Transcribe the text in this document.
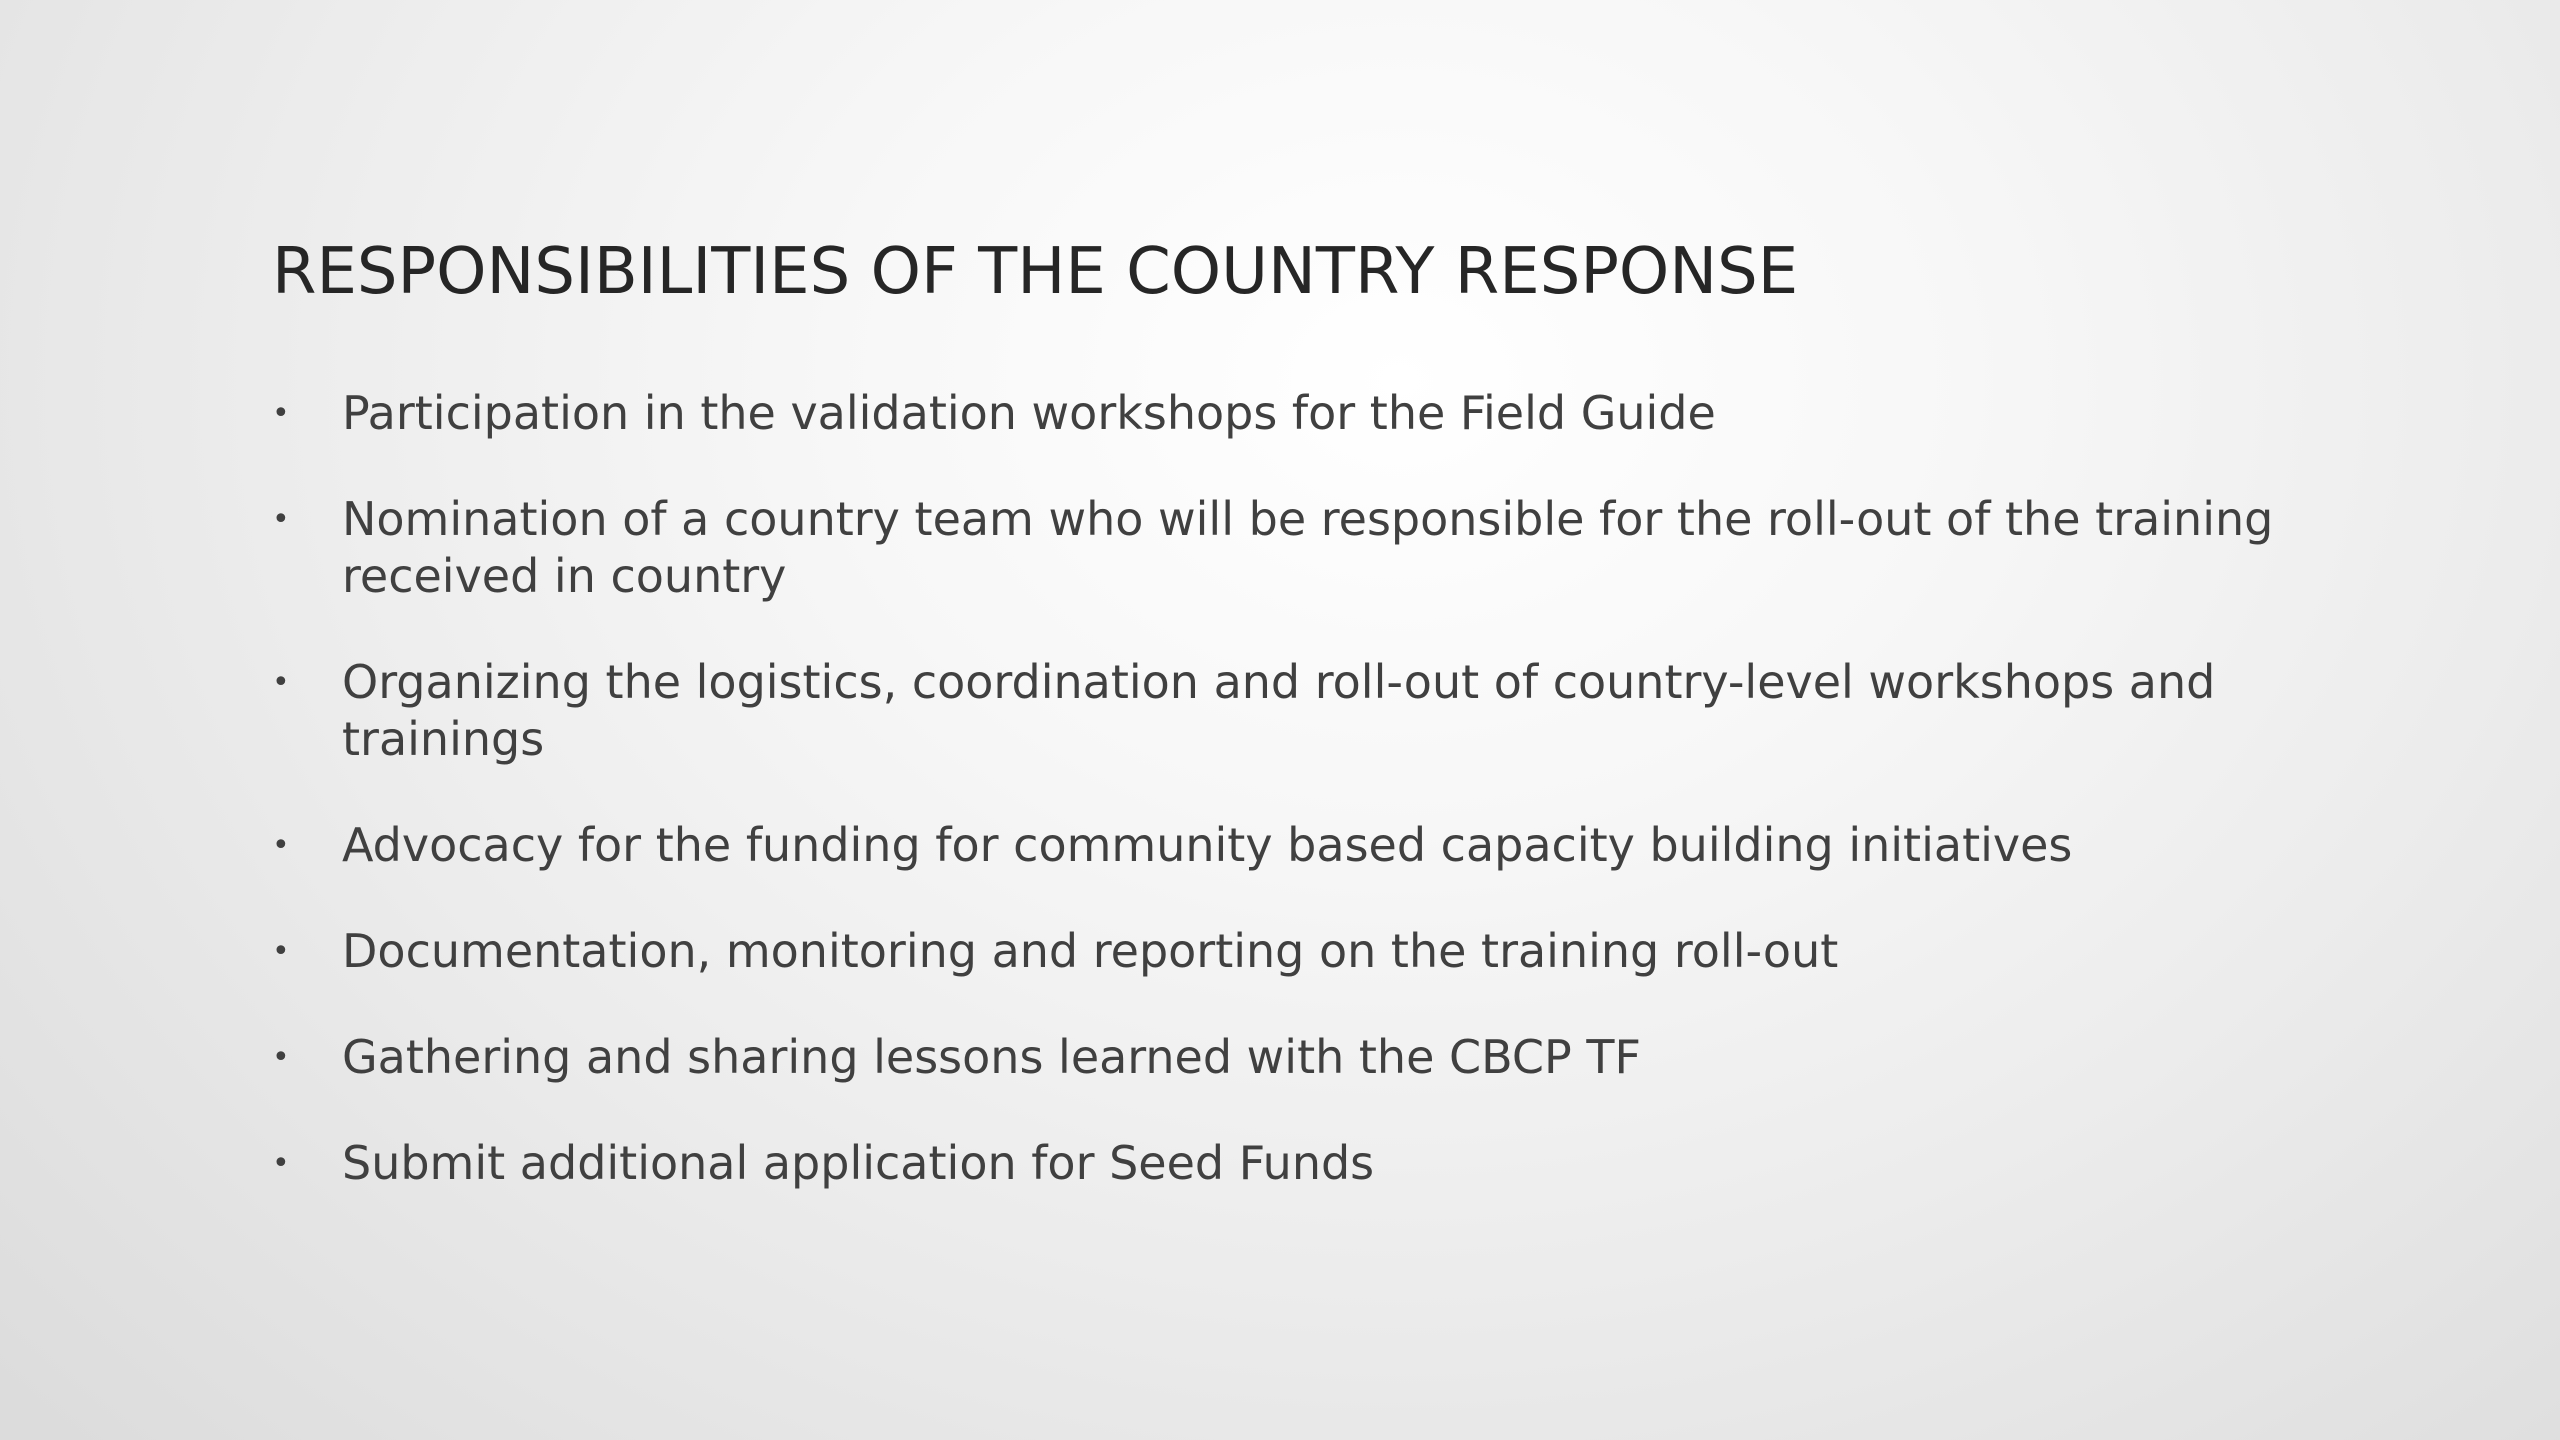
RESPONSIBILITIES OF THE COUNTRY RESPONSE
• Participation in the validation workshops for the Field Guide
• Nomination of a country team who will be responsible for the roll-out of the training received in country
• Organizing the logistics, coordination and roll-out of country-level workshops and trainings
• Advocacy for the funding for community based capacity building initiatives
• Documentation, monitoring and reporting on the training roll-out
• Gathering and sharing lessons learned with the CBCP TF
• Submit additional application for Seed Funds
